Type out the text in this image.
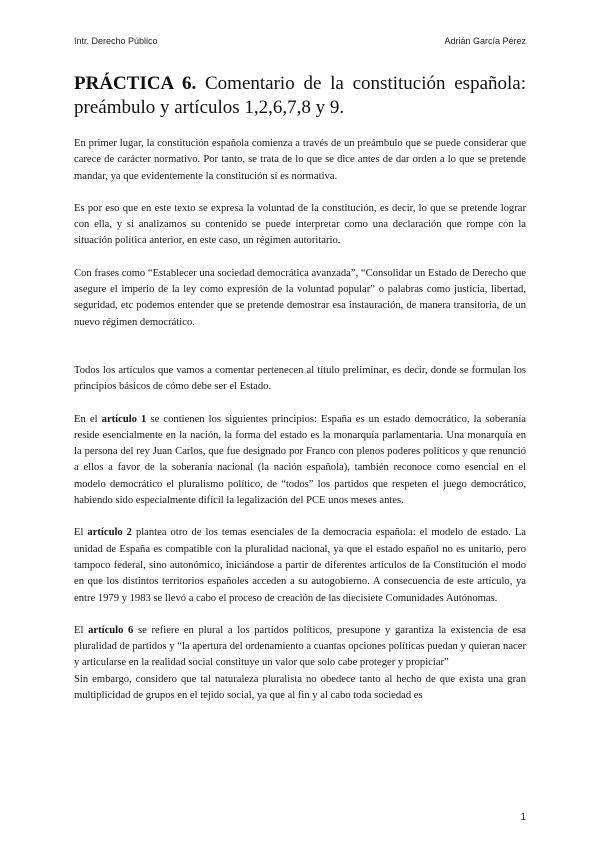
Intr. Derecho Público	Adrián García Pérez
PRÁCTICA 6. Comentario de la constitución española: preámbulo y artículos 1,2,6,7,8 y 9.

En primer lugar, la constitución española comienza a través de un preámbulo que se puede considerar que carece de carácter normativo. Por tanto, se trata de lo que se dice antes de dar orden a lo que se pretende mandar, ya que evidentemente la constitución sí es normativa.

Es por eso que en este texto se expresa la voluntad de la constitución, es decir, lo que se pretende lograr con ella, y si analizamos su contenido se puede interpretar como una declaración que rompe con la situación política anterior, en este caso, un régimen autoritario.

Con frases como “Establecer una sociedad democrática avanzada”, “Consolidar un Estado de Derecho que asegure el imperio de la ley como expresión de la voluntad popular” o palabras como justicia, libertad, seguridad, etc podemos entender que se pretende demostrar esa instauración, de manera transitoria, de un nuevo régimen democrático.

Todos los artículos que vamos a comentar pertenecen al título preliminar, es decir, donde se formulan los principios básicos de cómo debe ser el Estado.

En el artículo 1 se contienen los siguientes principios: España es un estado democrático, la soberanía reside esencialmente en la nación, la forma del estado es la monarquía parlamentaria. Una monarquía en la persona del rey Juan Carlos, que fue designado por Franco con plenos poderes políticos y que renunció a ellos a favor de la soberanía nacional (la nación española), también reconoce como esencial en el modelo democrático el pluralismo político, de “todos” los partidos que respeten el juego democrático, habiendo sido especialmente difícil la legalización del PCE unos meses antes.

El artículo 2 plantea otro de los temas esenciales de la democracia española: el modelo de estado. La unidad de España es compatible con la pluralidad nacional, ya que el estado español no es unitario, pero tampoco federal, sino autonómico, iniciándose a partir de diferentes artículos de la Constitución el modo en que los distintos territorios españoles acceden a su autogobierno. A consecuencia de este artículo, ya entre 1979 y 1983 se llevó a cabo el proceso de creación de las diecisiete Comunidades Autónomas.

El artículo 6 se refiere en plural a los partidos políticos, presupone y garantiza la existencia de esa pluralidad de partidos y “la apertura del ordenamiento a cuantas opciones políticas puedan y quieran nacer y articularse en la realidad social constituye un valor que solo cabe proteger y propiciar”

Sin embargo, considero que tal naturaleza pluralista no obedece tanto al hecho de que exista una gran multiplicidad de grupos en el tejido social, ya que al fin y al cabo toda sociedad es

1
